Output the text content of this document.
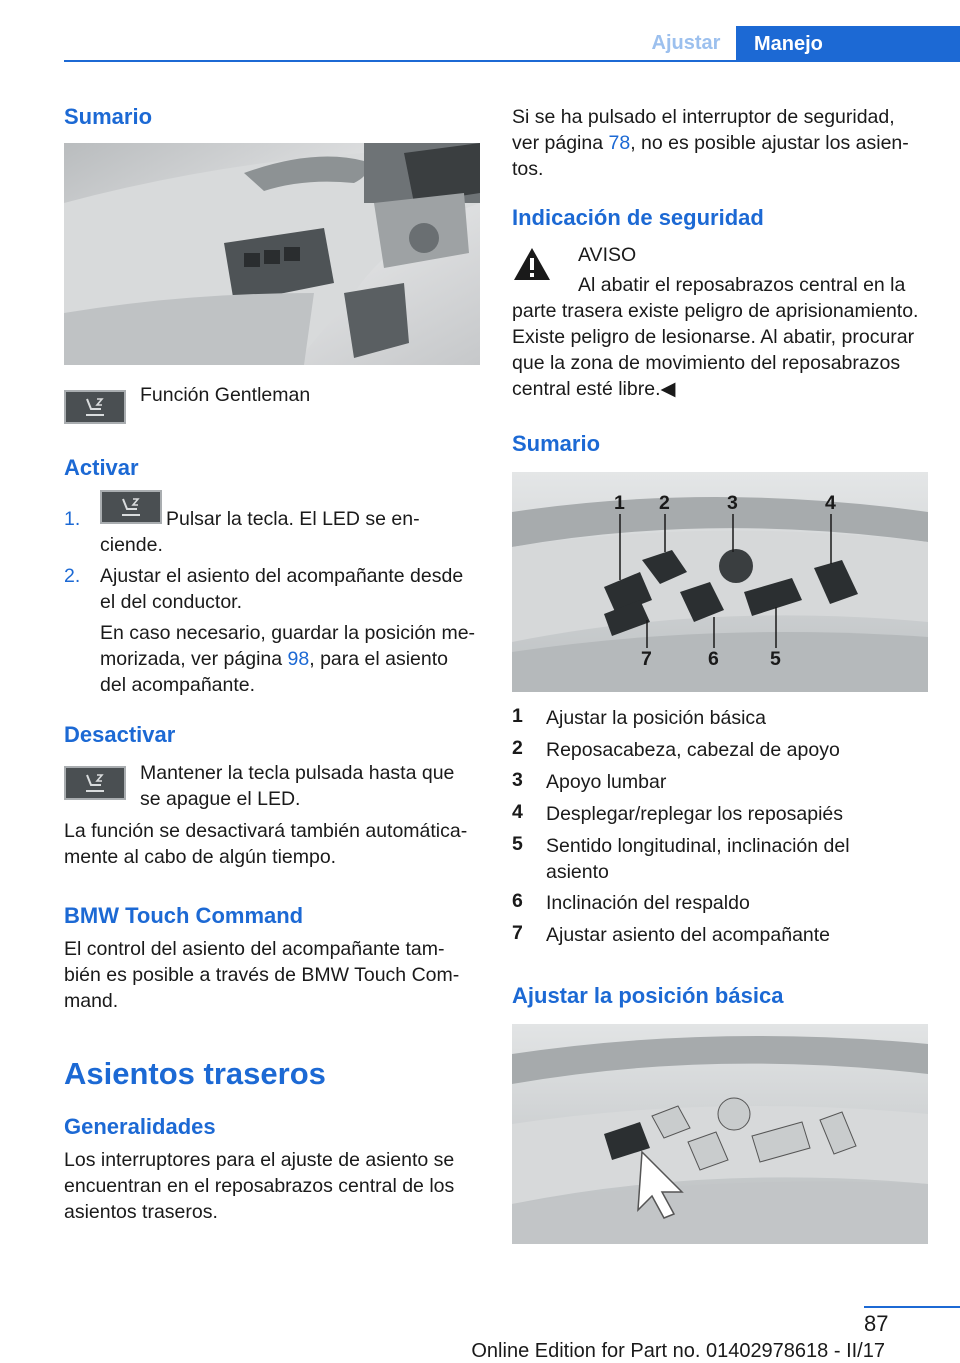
Ajustar	Manejo
Sumario
Función Gentleman
Activar
1.	Pulsar la tecla. El LED se en-
ciende.
2. Ajustar el asiento del acompañante desde
el del conductor.
En caso necesario, guardar la posición me-
morizada, ver página 98, para el asiento
del acompañante.
Desactivar
Mantener la tecla pulsada hasta que
se apague el LED.
La función se desactivará también automática-
mente al cabo de algún tiempo.
BMW Touch Command
El control del asiento del acompañante tam-
bién es posible a través de BMW Touch Com-
mand.
Asientos traseros
Generalidades
Los interruptores para el ajuste de asiento se
encuentran en el reposabrazos central de los
asientos traseros.
Si se ha pulsado el interruptor de seguridad,
ver página 78, no es posible ajustar los asien-
tos.
Indicación de seguridad
AVISO
Al abatir el reposabrazos central en la
parte trasera existe peligro de aprisionamiento.
Existe peligro de lesionarse. Al abatir, procurar
que la zona de movimiento del reposabrazos
central esté libre.◀
Sumario
1 2	3	4
7	6	5
1 Ajustar la posición básica
2 Reposacabeza, cabezal de apoyo
3 Apoyo lumbar
4 Desplegar/replegar los reposapiés
5 Sentido longitudinal, inclinación del
asiento
6 Inclinación del respaldo
7 Ajustar asiento del acompañante
Ajustar la posición básica
87
Online Edition for Part no. 01402978618 - II/17
